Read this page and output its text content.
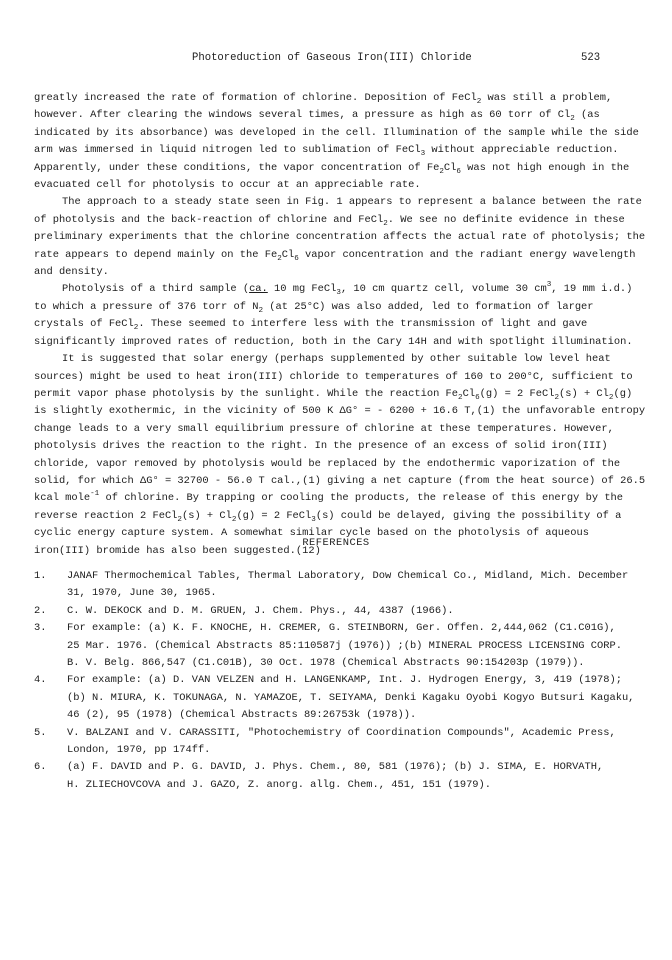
Photoreduction of Gaseous Iron(III) Chloride	523

greatly increased the rate of formation of chlorine. Deposition of FeCl$_2$ was still a problem, however. After clearing the windows several times, a pressure as high as 60 torr of $Cl_2$ (as indicated by its absorbance) was developed in the cell. Illumination of the sample while the side arm was immersed in liquid nitrogen led to sublimation of FeCl$_3$ without appreciable reduction. Apparently, under these conditions, the vapor concentration of $Fe_2Cl_6$ was not high enough in the evacuated cell for photolysis to occur at an appreciable rate.

The approach to a steady state seen in Fig. 1 appears to represent a balance between the rate of photolysis and the back-reaction of chlorine and FeCl$_2$. We see no definite evidence in these preliminary experiments that the chlorine concentration affects the actual rate of photolysis; the rate appears to depend mainly on the $Fe_2Cl_6$ vapor concentration and the radiant energy wavelength and density.

Photolysis of a third sample (ca. 10 mg FeCl$_3$, 10 cm quartz cell, volume 30 $cm^3$, 19 mm i.d.) to which a pressure of 376 torr of $N_2$ (at 25°C) was also added, led to formation of larger crystals of FeCl$_2$. These seemed to interfere less with the transmission of light and gave significantly improved rates of reduction, both in the Cary 14H and with spotlight illumination.

It is suggested that solar energy (perhaps supplemented by other suitable low level heat sources) might be used to heat iron(III) chloride to temperatures of 160 to 200°C, sufficient to permit vapor phase photolysis by the sunlight. While the reaction $Fe_2Cl_6(g) = 2$ FeCl$_2$(s) + $Cl_2(g)$ is slightly exothermic, in the vicinity of 500 K ΔG° = - 6200 + 16.6 T,(1) the unfavorable entropy change leads to a very small equilibrium pressure of chlorine at these temperatures. However, photolysis drives the reaction to the right. In the presence of an excess of solid iron(III) chloride, vapor removed by photolysis would be replaced by the endothermic vaporization of the solid, for which ΔG° = 32700 - 56.0 T cal.,(1) giving a net capture (from the heat source) of 26.5 kcal mole$^{-1}$ of chlorine. By trapping or cooling the products, the release of this energy by the reverse reaction 2 FeCl$_2$(s) + $Cl_2(g) = 2$ FeCl$_3$(s) could be delayed, giving the possibility of a cyclic energy capture system. A somewhat similar cycle based on the photolysis of aqueous iron(III) bromide has also been suggested.(12)

REFERENCES
1. JANAF Thermochemical Tables, Thermal Laboratory, Dow Chemical Co., Midland, Mich. December
31, 1970, June 30, 1965.
2. C. W. DEKOCK and D. M. GRUEN, J. Chem. Phys., 44, 4387 (1966).
3. For example: (a) K. F. KNOCHE, H. CREMER, G. STEINBORN, Ger. Offen. 2,444,062 (C1.C01G),
25 Mar. 1976. (Chemical Abstracts 85:110587j (1976)) ;(b) MINERAL PROCESS LICENSING CORP.
B. V. Belg. 866,547 (C1.C01B), 30 Oct. 1978 (Chemical Abstracts 90:154203p (1979)).
4. For example: (a) D. VAN VELZEN and H. LANGENKAMP, Int. J. Hydrogen Energy, 3, 419 (1978);
(b) N. MIURA, K. TOKUNAGA, N. YAMAZOE, T. SEIYAMA, Denki Kagaku Oyobi Kogyo Butsuri Kagaku,
46 (2), 95 (1978) (Chemical Abstracts 89:26753k (1978)).
5. V. BALZANI and V. CARASSITI, "Photochemistry of Coordination Compounds", Academic Press,
London, 1970, pp 174ff.
6. (a) F. DAVID and P. G. DAVID, J. Phys. Chem., 80, 581 (1976); (b) J. SIMA, E. HORVATH,
H. ZLIECHOVCOVA and J. GAZO, Z. anorg. allg. Chem., 451, 151 (1979).
